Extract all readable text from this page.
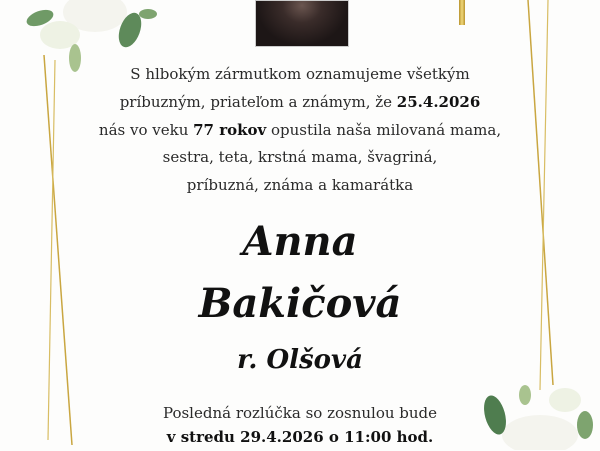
S hlbokým zármutkom oznamujeme všetkým
príbuzným, priateľom a známym, že 25.4.2026
nás vo veku 77 rokov opustila naša milovaná mama,
sestra, teta, krstná mama, švagriná,
príbuzná, známa a kamarátka
Anna
Bakičová
r. Olšová
Posledná rozlúčka so zosnulou bude
v stredu 29.4.2026 o 11:00 hod.
